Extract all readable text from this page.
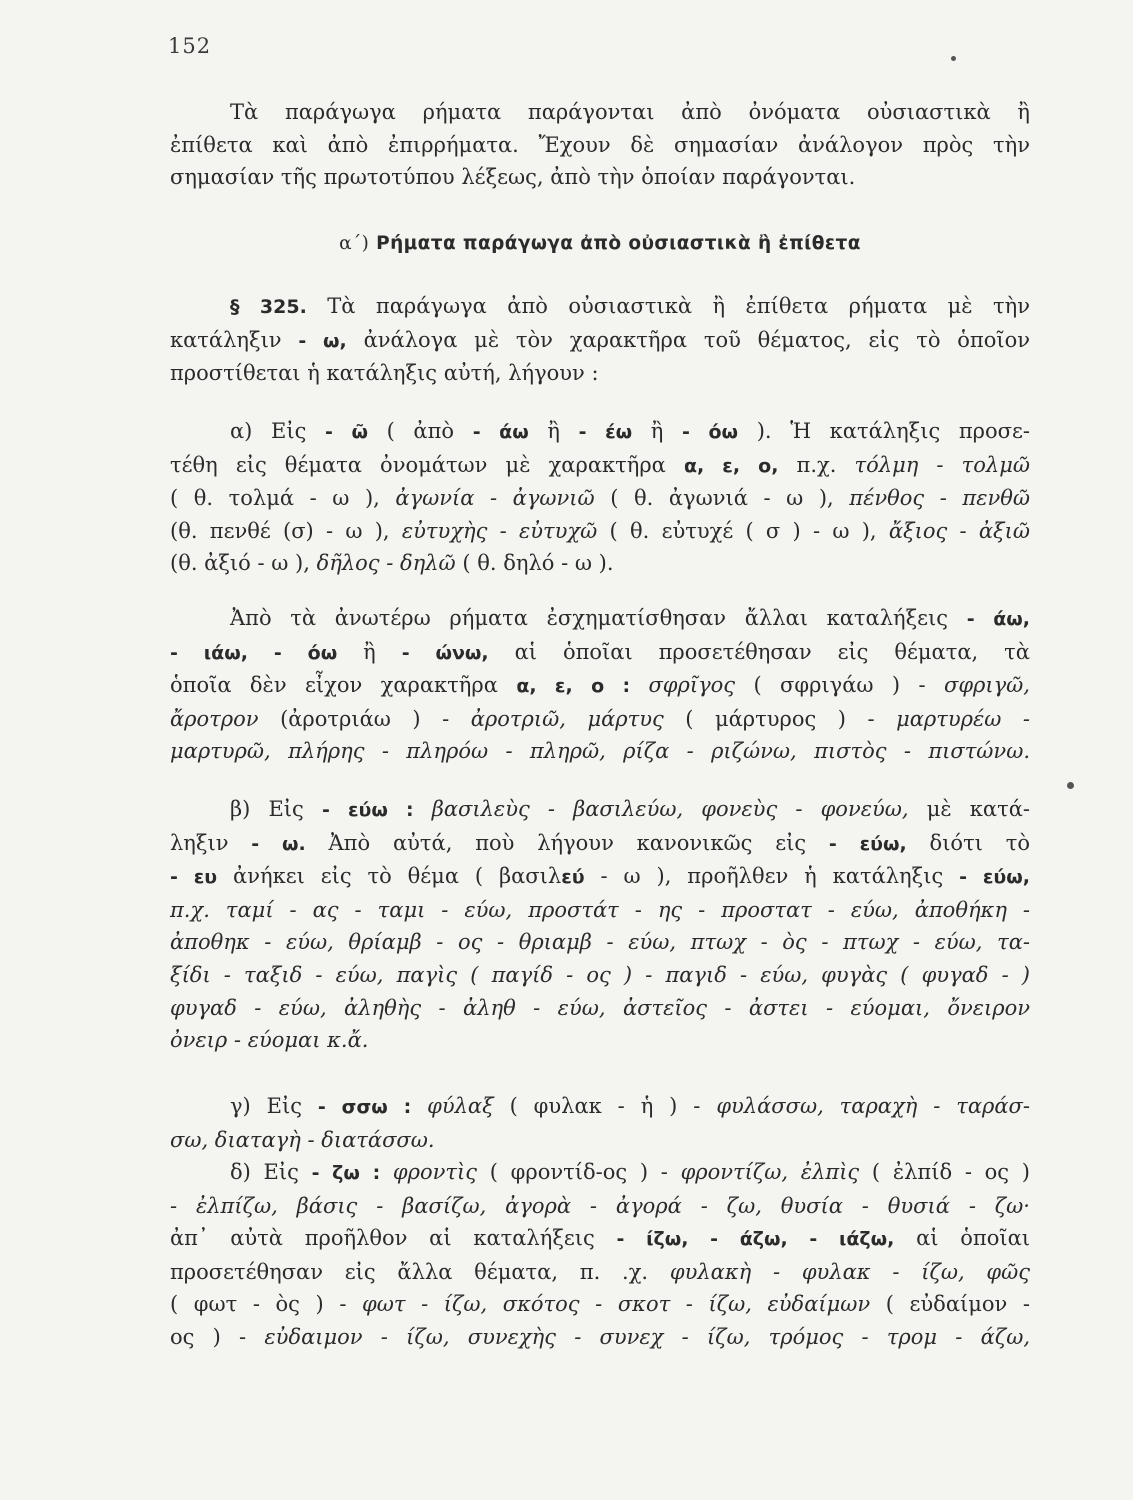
152
Τὰ παράγωγα ρήματα παράγονται ἀπὸ ὀνόματα οὐσιαστικὰ ἢ
ἐπίθετα καὶ ἀπὸ ἐπιρρήματα. Ἔχουν δὲ σημασίαν ἀνάλογον πρὸς τὴν
σημασίαν τῆς πρωτοτύπου λέξεως, ἀπὸ τὴν ὁποίαν παράγονται.
α΄) Ρήματα παράγωγα ἀπὸ οὐσιαστικὰ ἢ ἐπίθετα
§ 325. Τὰ παράγωγα ἀπὸ οὐσιαστικὰ ἢ ἐπίθετα ρήματα μὲ τὴν
κατάληξιν - ω, ἀνάλογα μὲ τὸν χαρακτῆρα τοῦ θέματος, εἰς τὸ ὁποῖον
προστίθεται ἡ κατάληξις αὐτή, λήγουν :
α) Εἰς - ῶ ( ἀπὸ - άω ἢ - έω ἢ - όω ). Ἡ κατάληξις προσε-
τέθη εἰς θέματα ὀνομάτων μὲ χαρακτῆρα α, ε, ο, π.χ. τόλμη - τολμῶ
( θ. τολμά - ω ), ἀγωνία - ἀγωνιῶ ( θ. ἀγωνιά - ω ), πένθος - πενθῶ
(θ. πενθέ (σ) - ω ), εὐτυχὴς - εὐτυχῶ ( θ. εὐτυχέ ( σ ) - ω ), ἄξιος - ἀξιῶ
(θ. ἀξιό - ω ), δῆλος - δηλῶ ( θ. δηλό - ω ).
Ἀπὸ τὰ ἀνωτέρω ρήματα ἐσχηματίσθησαν ἄλλαι καταλήξεις - άω,
- ιάω, - όω ἢ - ώνω, αἱ ὁποῖαι προσετέθησαν εἰς θέματα, τὰ
ὁποῖα δὲν εἶχον χαρακτῆρα α, ε, ο : σφρῖγος ( σφριγάω ) - σφριγῶ,
ἄροτρον (ἀροτριάω ) - ἀροτριῶ, μάρτυς ( μάρτυρος ) - μαρτυρέω -
μαρτυρῶ, πλήρης - πληρόω - πληρῶ, ρίζα - ριζώνω, πιστὸς - πιστώνω.
β) Εἰς - εύω : βασιλεὺς - βασιλεύω, φονεὺς - φονεύω, μὲ κατά-
ληξιν - ω. Ἀπὸ αὐτά, ποὺ λήγουν κανονικῶς εἰς - εύω, διότι τὸ
- ευ ἀνήκει εἰς τὸ θέμα ( βασιλεύ - ω ), προῆλθεν ἡ κατάληξις - εύω,
π.χ. ταμί - ας - ταμι - εύω, προστάτ - ης - προστατ - εύω, ἀποθήκη -
ἀποθηκ - εύω, θρίαμβ - ος - θριαμβ - εύω, πτωχ - ὸς - πτωχ - εύω, τα-
ξίδι - ταξιδ - εύω, παγὶς ( παγίδ - ος ) - παγιδ - εύω, φυγὰς ( φυγαδ - )
φυγαδ - εύω, ἀληθὴς - ἀληθ - εύω, ἀστεῖος - ἀστει - εύομαι, ὄνειρον
ὀνειρ - εύομαι κ.ἄ.
γ) Εἰς - σσω : φύλαξ ( φυλακ - ἡ ) - φυλάσσω, ταραχὴ - ταράσ-
σω, διαταγὴ - διατάσσω.
δ) Εἰς - ζω : φροντὶς ( φροντίδ-ος ) - φροντίζω, ἐλπὶς ( ἐλπίδ - ος )
- ἐλπίζω, βάσις - βασίζω, ἀγορὰ - ἀγορά - ζω, θυσία - θυσιά - ζω·
ἀπ᾽ αὐτὰ προῆλθον αἱ καταλήξεις - ίζω, - άζω, - ιάζω, αἱ ὁποῖαι
προσετέθησαν εἰς ἄλλα θέματα, π. .χ. φυλακὴ - φυλακ - ίζω, φῶς
( φωτ - ὸς ) - φωτ - ίζω, σκότος - σκοτ - ίζω, εὐδαίμων ( εὐδαίμον -
ος ) - εὐδαιμον - ίζω, συνεχὴς - συνεχ - ίζω, τρόμος - τρομ - άζω,
